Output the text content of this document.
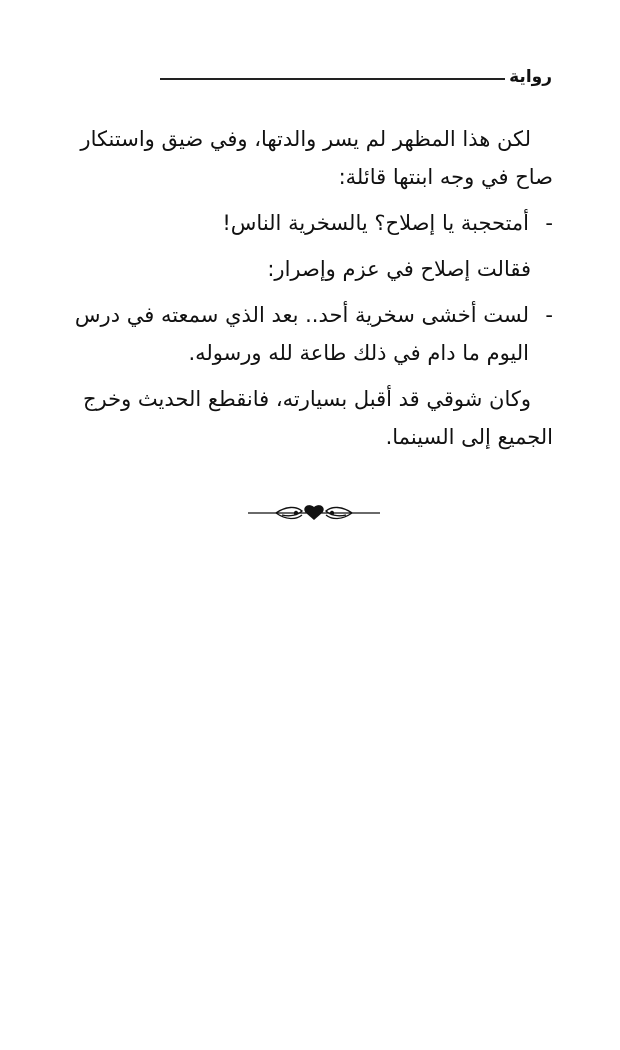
رواية

لكن هذا المظهر لم يسر والدتها، وفي ضيق واستنكار صاح في وجه ابنتها قائلة:

-
أمتحجبة يا إصلاح؟ يالسخرية الناس!

فقالت إصلاح في عزم وإصرار:

-
لست أخشى سخرية أحد.. بعد الذي سمعته في درس اليوم ما دام في ذلك طاعة لله ورسوله.

وكان شوقي قد أقبل بسيارته، فانقطع الحديث وخرج الجميع إلى السينما.
